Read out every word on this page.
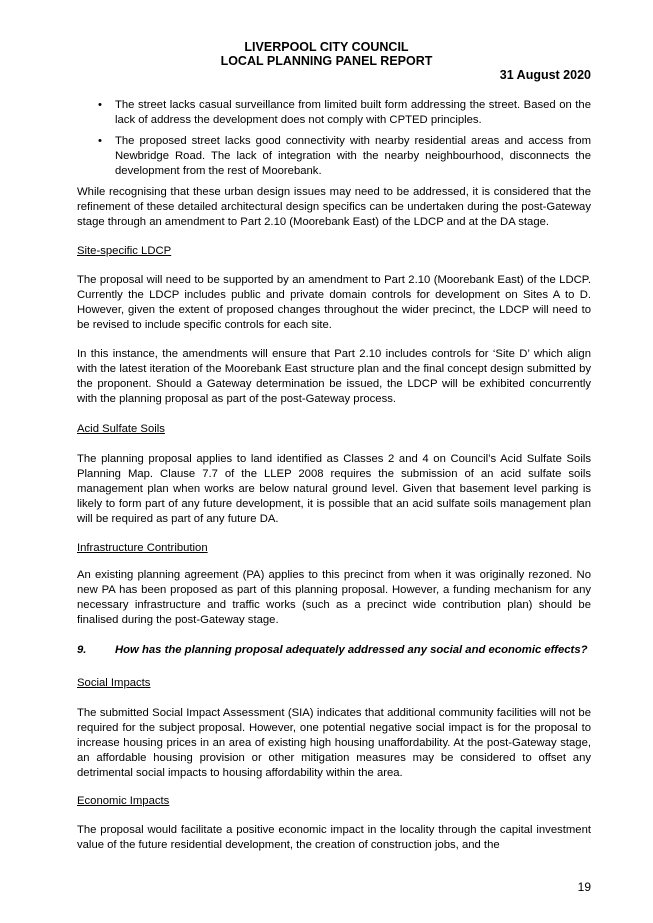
LIVERPOOL CITY COUNCIL
LOCAL PLANNING PANEL REPORT
31 August 2020
•	The street lacks casual surveillance from limited built form addressing the street. Based on the lack of address the development does not comply with CPTED principles.
•	The proposed street lacks good connectivity with nearby residential areas and access from Newbridge Road. The lack of integration with the nearby neighbourhood, disconnects the development from the rest of Moorebank.

While recognising that these urban design issues may need to be addressed, it is considered that the refinement of these detailed architectural design specifics can be undertaken during the post-Gateway stage through an amendment to Part 2.10 (Moorebank East) of the LDCP and at the DA stage.

Site-specific LDCP

The proposal will need to be supported by an amendment to Part 2.10 (Moorebank East) of the LDCP. Currently the LDCP includes public and private domain controls for development on Sites A to D. However, given the extent of proposed changes throughout the wider precinct, the LDCP will need to be revised to include specific controls for each site.

In this instance, the amendments will ensure that Part 2.10 includes controls for ‘Site D’ which align with the latest iteration of the Moorebank East structure plan and the final concept design submitted by the proponent. Should a Gateway determination be issued, the LDCP will be exhibited concurrently with the planning proposal as part of the post-Gateway process.

Acid Sulfate Soils

The planning proposal applies to land identified as Classes 2 and 4 on Council’s Acid Sulfate Soils Planning Map. Clause 7.7 of the LLEP 2008 requires the submission of an acid sulfate soils management plan when works are below natural ground level. Given that basement level parking is likely to form part of any future development, it is possible that an acid sulfate soils management plan will be required as part of any future DA.

Infrastructure Contribution

An existing planning agreement (PA) applies to this precinct from when it was originally rezoned. No new PA has been proposed as part of this planning proposal. However, a funding mechanism for any necessary infrastructure and traffic works (such as a precinct wide contribution plan) should be finalised during the post-Gateway stage.

9.	How has the planning proposal adequately addressed any social and economic effects?

Social Impacts

The submitted Social Impact Assessment (SIA) indicates that additional community facilities will not be required for the subject proposal. However, one potential negative social impact is for the proposal to increase housing prices in an area of existing high housing unaffordability. At the post-Gateway stage, an affordable housing provision or other mitigation measures may be considered to offset any detrimental social impacts to housing affordability within the area.

Economic Impacts

The proposal would facilitate a positive economic impact in the locality through the capital investment value of the future residential development, the creation of construction jobs, and the

19
